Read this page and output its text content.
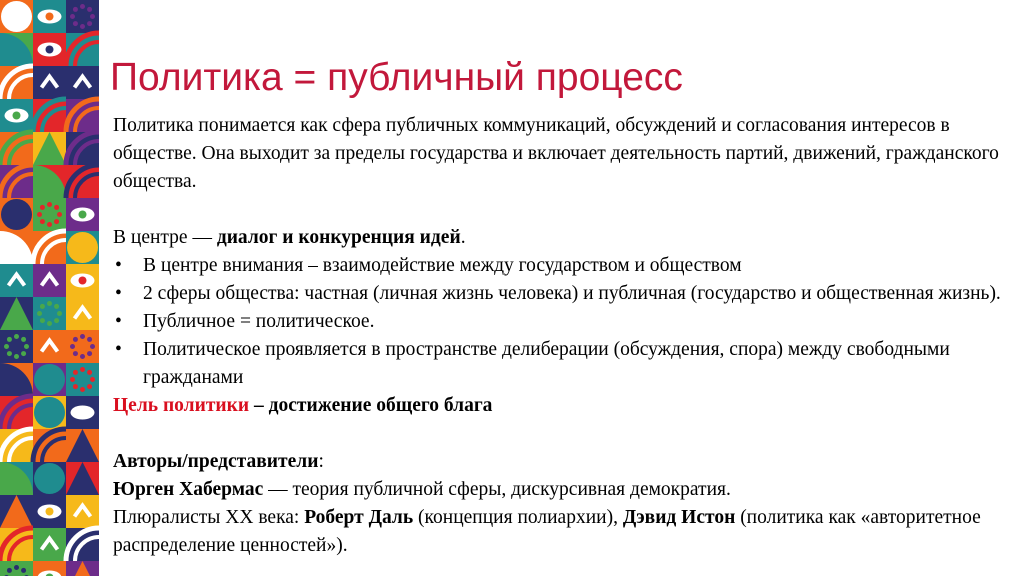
Политика = публичный процесс

Политика понимается как сфера публичных коммуникаций, обсуждений и согласования интересов в обществе. Она выходит за пределы государства и включает деятельность партий, движений, гражданского общества.

В центре — диалог и конкуренция идей.

• В центре внимания – взаимодействие между государством и обществом
• 2 сферы общества: частная (личная жизнь человека) и публичная (государство и общественная жизнь).
• Публичное = политическое.
• Политическое проявляется в пространстве делиберации (обсуждения, спора) между свободными гражданами

Цель политики – достижение общего блага

Авторы/представители:

Юрген Хабермас — теория публичной сферы, дискурсивная демократия.

Плюралисты XX века: Роберт Даль (концепция полиархии), Дэвид Истон (политика как «авторитетное распределение ценностей»).
